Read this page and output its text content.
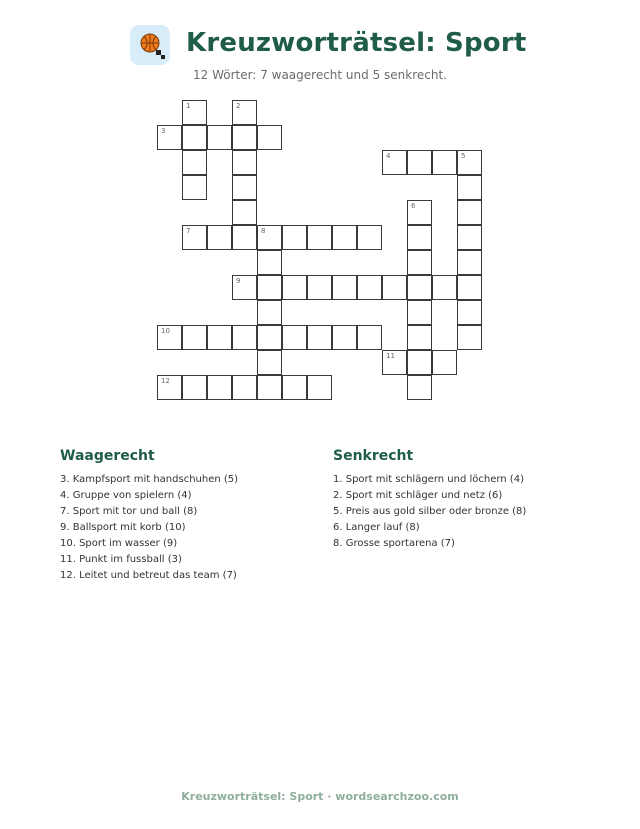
Kreuzworträtsel: Sport
12 Wörter: 7 waagerecht und 5 senkrecht.
1	2
3
4	5
6
7	8
9
10
11
12
Waagerecht
3. Kampfsport mit handschuhen (5)
4. Gruppe von spielern (4)
7. Sport mit tor und ball (8)
9. Ballsport mit korb (10)
10. Sport im wasser (9)
11. Punkt im fussball (3)
12. Leitet und betreut das team (7)
Senkrecht
1. Sport mit schlägern und löchern (4)
2. Sport mit schläger und netz (6)
5. Preis aus gold silber oder bronze (8)
6. Langer lauf (8)
8. Grosse sportarena (7)
Kreuzworträtsel: Sport · wordsearchzoo.com
